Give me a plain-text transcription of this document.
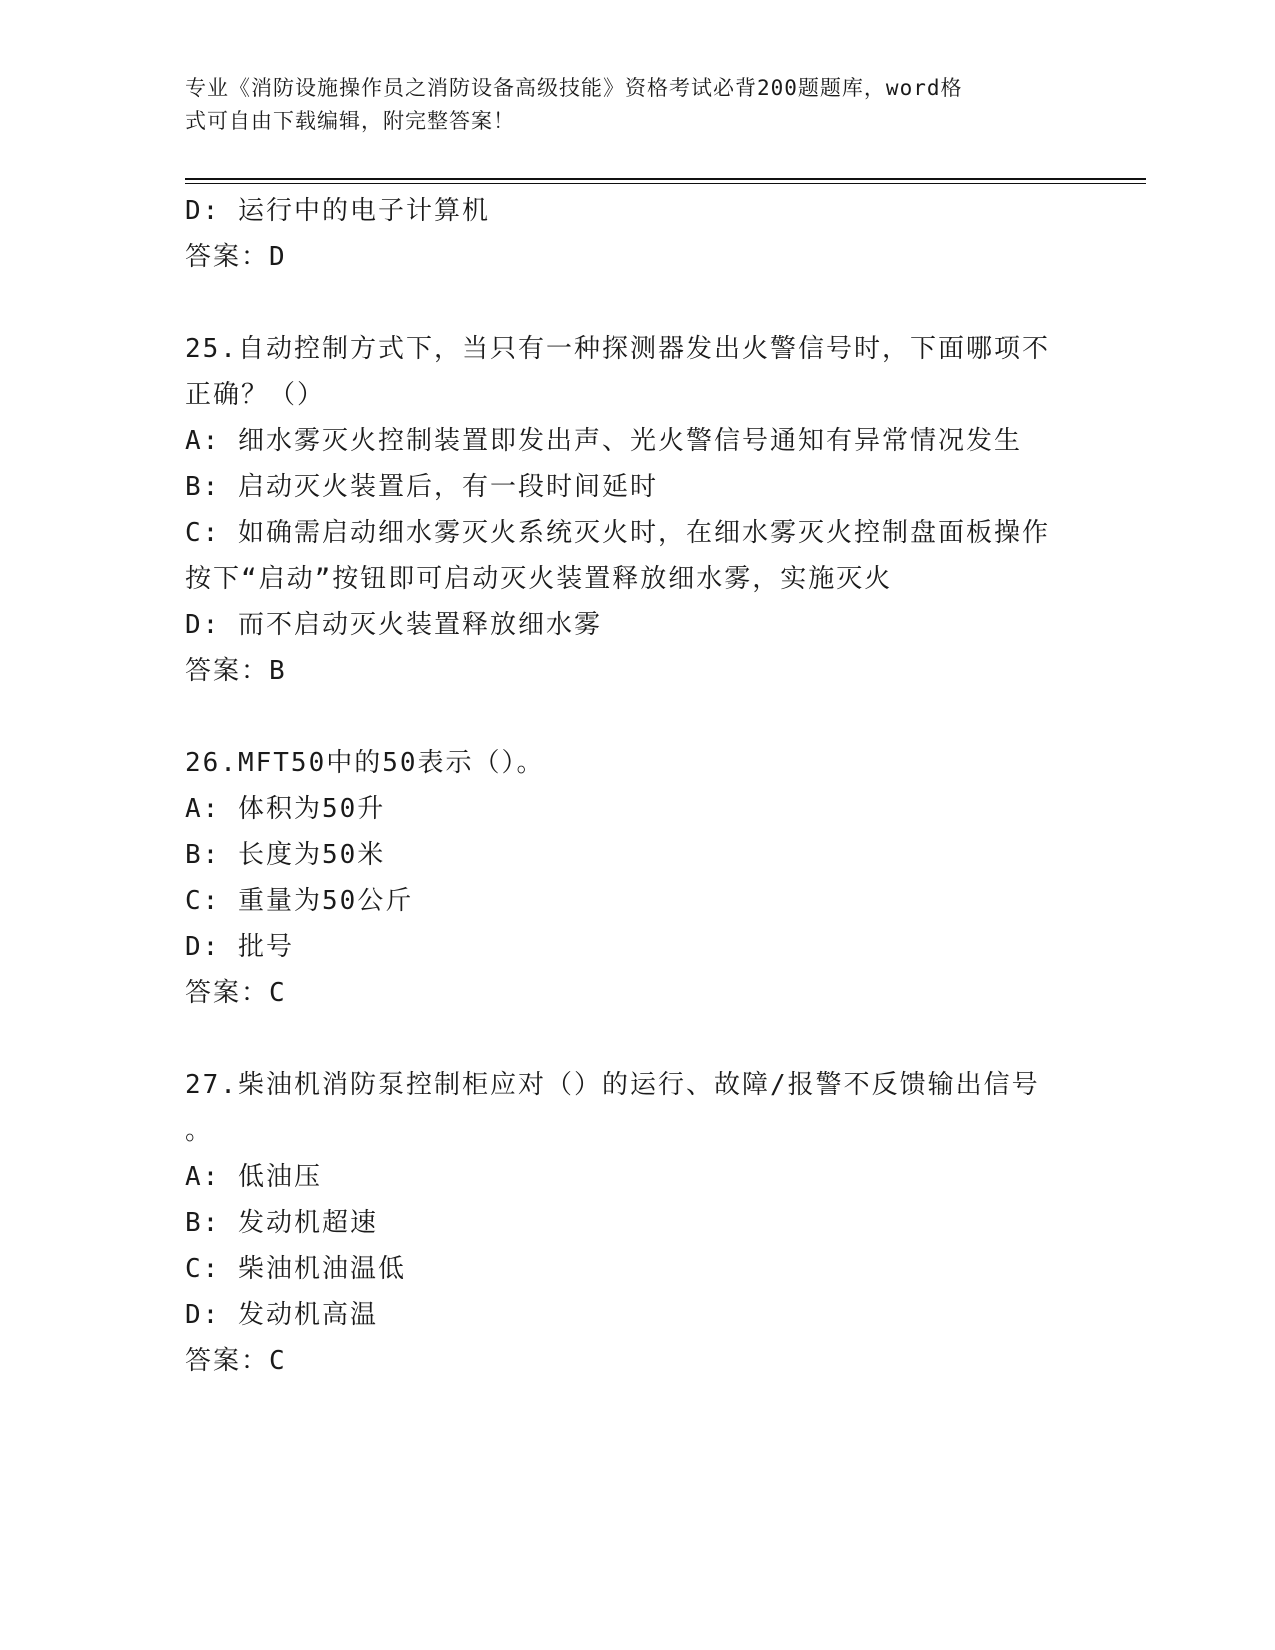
专业《消防设施操作员之消防设备高级技能》资格考试必背200题题库，word格
式可自由下载编辑，附完整答案！
D: 运行中的电子计算机
答案：D
25.自动控制方式下，当只有一种探测器发出火警信号时，下面哪项不
正确？（）
A: 细水雾灭火控制装置即发出声、光火警信号通知有异常情况发生
B: 启动灭火装置后，有一段时间延时
C: 如确需启动细水雾灭火系统灭火时，在细水雾灭火控制盘面板操作
按下“启动”按钮即可启动灭火装置释放细水雾，实施灭火
D: 而不启动灭火装置释放细水雾
答案：B
26.MFT50中的50表示（）。
A: 体积为50升
B: 长度为50米
C: 重量为50公斤
D: 批号
答案：C
27.柴油机消防泵控制柜应对（）的运行、故障/报警不反馈输出信号
。
A: 低油压
B: 发动机超速
C: 柴油机油温低
D: 发动机高温
答案：C
